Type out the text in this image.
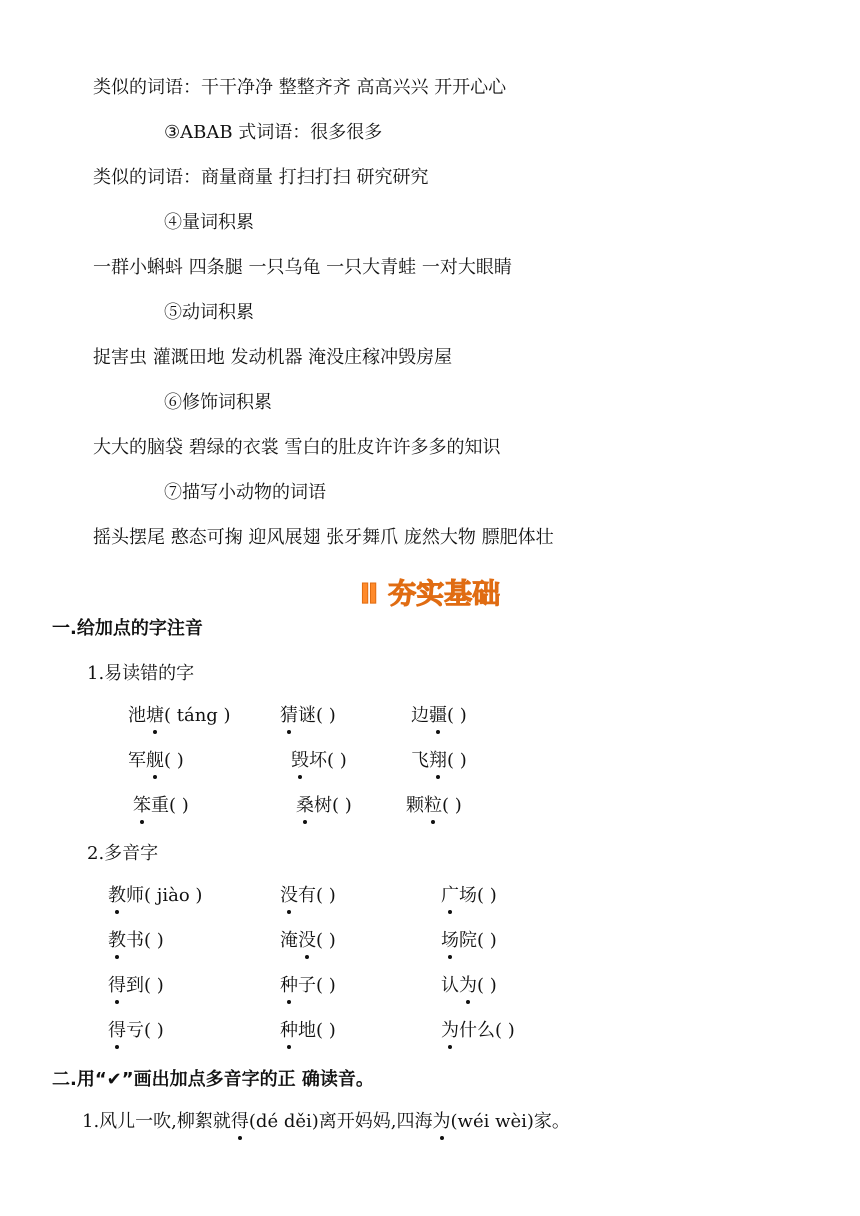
类似的词语：干干净净 整整齐齐 高高兴兴 开开心心
③ABAB 式词语：很多很多
类似的词语：商量商量 打扫打扫 研究研究
④量词积累
一群小蝌蚪 四条腿 一只乌龟 一只大青蛙 一对大眼睛
⑤动词积累
捉害虫 灌溉田地 发动机器 淹没庄稼冲毁房屋
⑥修饰词积累
大大的脑袋 碧绿的衣裳 雪白的肚皮许许多多的知识
⑦描写小动物的词语
摇头摆尾 憨态可掬 迎风展翅 张牙舞爪 庞然大物 膘肥体壮
Ⅱ 夯实基础
一.给加点的字注音
1.易读错的字
池塘( táng )	猜谜( )	边疆( )
军舰( )	毁坏( )	飞翔( )
笨重( )	桑树( )	颗粒( )
2.多音字
教师( jiào )	没有( )	广场( )
教书( )	淹没( )	场院( )
得到( )	种子( )	认为( )
得亏( )	种地( )	为什么( )
二.用“✔”画出加点多音字的正 确读音。
1.风儿一吹,柳絮就得(dé děi)离开妈妈,四海为(wéi wèi)家。
